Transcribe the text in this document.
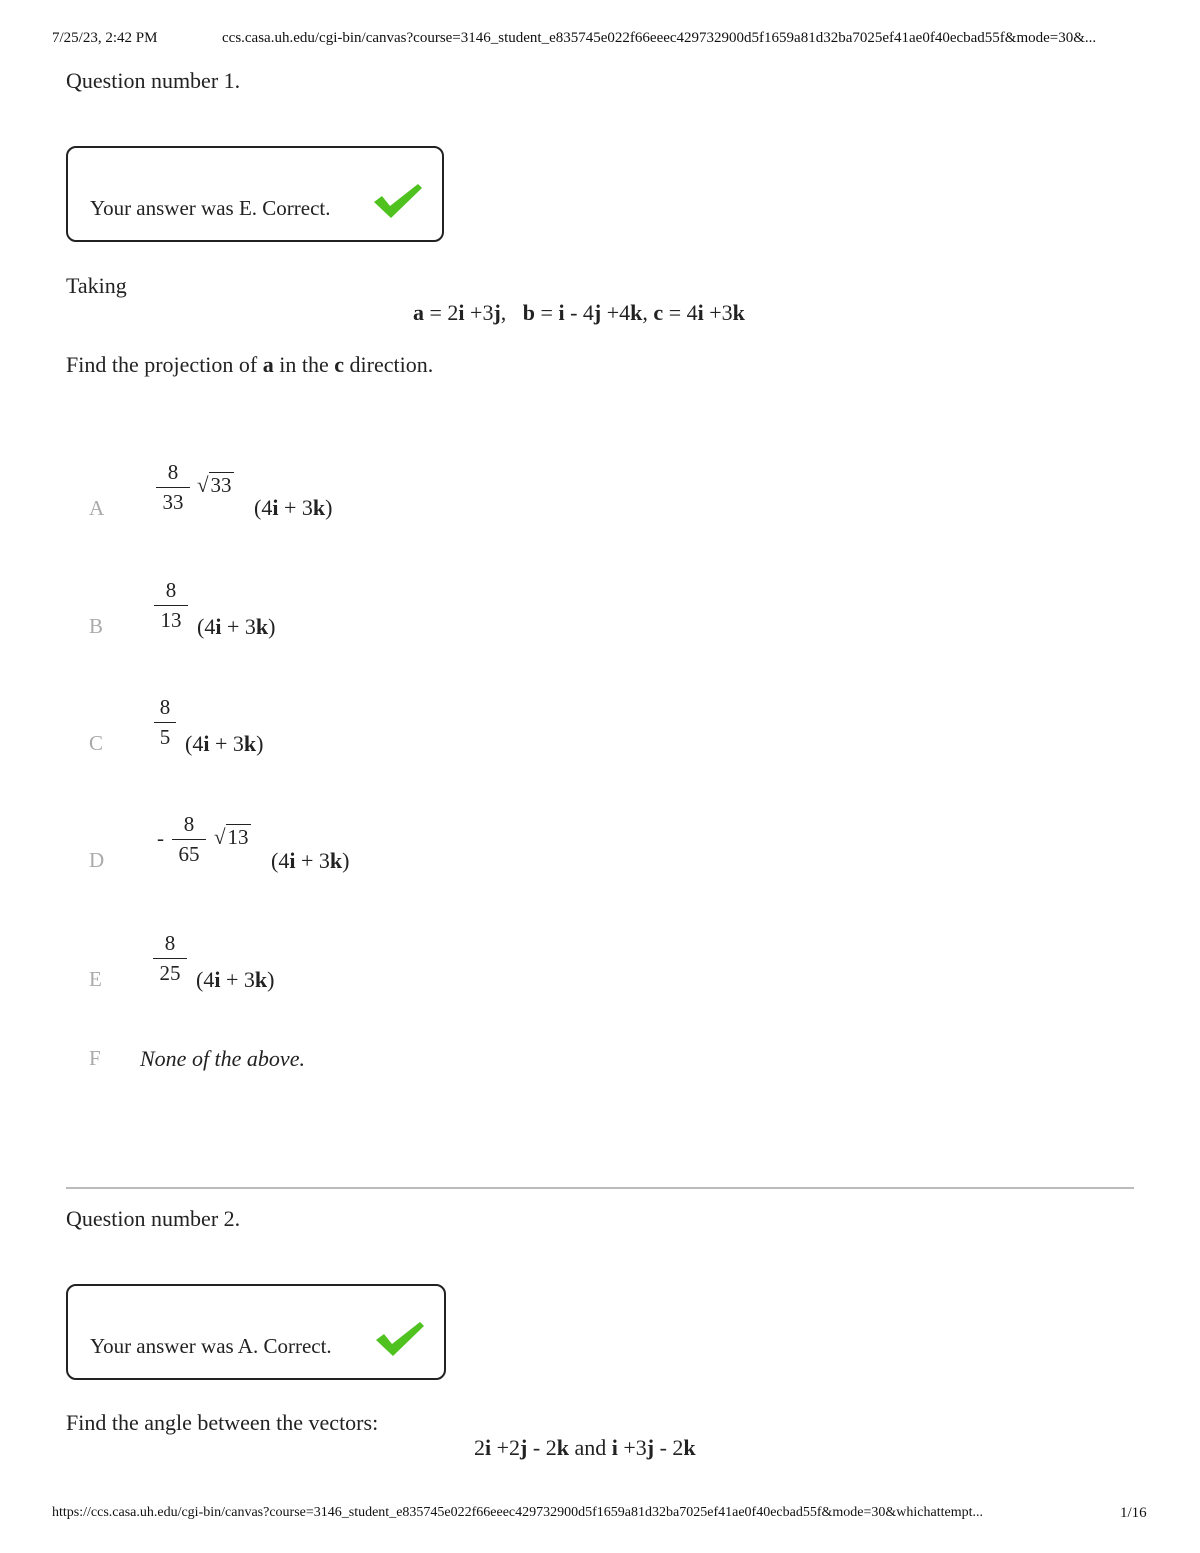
7/25/23, 2:42 PM	ccs.casa.uh.edu/cgi-bin/canvas?course=3146_student_e835745e022f66eeec429732900d5f1659a81d32ba7025ef41ae0f40ecbad55f&mode=30&...
Question number 1.
Your answer was E. Correct.
Taking
a = 2i +3j, b = i - 4j +4k, c = 4i +3k
Find the projection of a in the c direction.
A
8
33
√33
(4i + 3k)
B
8
13 (4i + 3k)
C
8
5 (4i + 3k)
D
-
8
65
√13
(4i + 3k)
E
8
25 (4i + 3k)
F None of the above.
Question number 2.
Your answer was A. Correct.
Find the angle between the vectors:
2i +2j - 2k and i +3j - 2k
https://ccs.casa.uh.edu/cgi-bin/canvas?course=3146_student_e835745e022f66eeec429732900d5f1659a81d32ba7025ef41ae0f40ecbad55f&mode=30&whichattempt...	1/16
